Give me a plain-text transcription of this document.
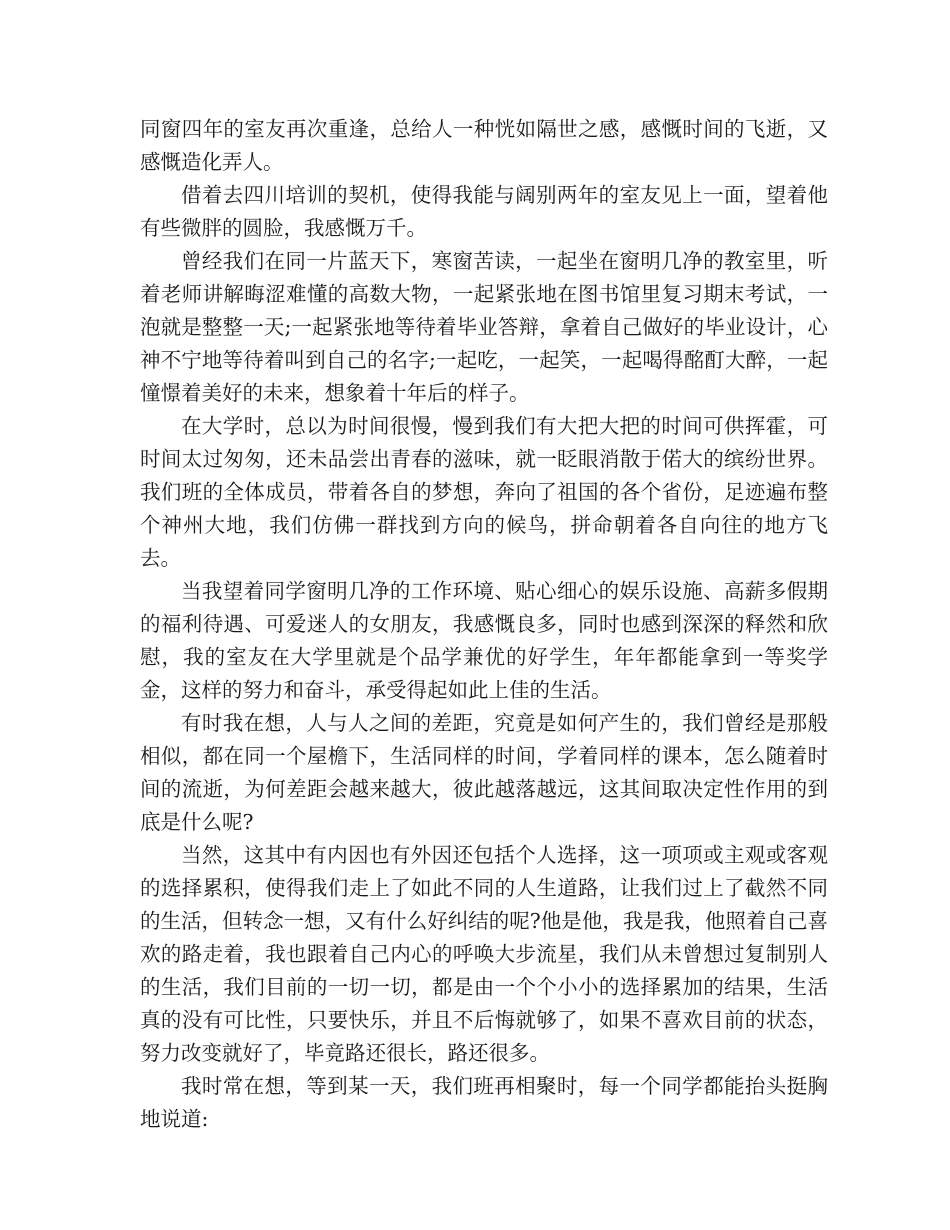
同窗四年的室友再次重逢，总给人一种恍如隔世之感，感慨时间的飞逝，又感慨造化弄人。

借着去四川培训的契机，使得我能与阔别两年的室友见上一面，望着他有些微胖的圆脸，我感慨万千。

曾经我们在同一片蓝天下，寒窗苦读，一起坐在窗明几净的教室里，听着老师讲解晦涩难懂的高数大物，一起紧张地在图书馆里复习期末考试，一泡就是整整一天;一起紧张地等待着毕业答辩，拿着自己做好的毕业设计，心神不宁地等待着叫到自己的名字;一起吃，一起笑，一起喝得酩酊大醉，一起憧憬着美好的未来，想象着十年后的样子。

在大学时，总以为时间很慢，慢到我们有大把大把的时间可供挥霍，可时间太过匆匆，还未品尝出青春的滋味，就一眨眼消散于偌大的缤纷世界。我们班的全体成员，带着各自的梦想，奔向了祖国的各个省份，足迹遍布整个神州大地，我们仿佛一群找到方向的候鸟，拼命朝着各自向往的地方飞去。

当我望着同学窗明几净的工作环境、贴心细心的娱乐设施、高薪多假期的福利待遇、可爱迷人的女朋友，我感慨良多，同时也感到深深的释然和欣慰，我的室友在大学里就是个品学兼优的好学生，年年都能拿到一等奖学金，这样的努力和奋斗，承受得起如此上佳的生活。

有时我在想，人与人之间的差距，究竟是如何产生的，我们曾经是那般相似，都在同一个屋檐下，生活同样的时间，学着同样的课本，怎么随着时间的流逝，为何差距会越来越大，彼此越落越远，这其间取决定性作用的到底是什么呢?

当然，这其中有内因也有外因还包括个人选择，这一项项或主观或客观的选择累积，使得我们走上了如此不同的人生道路，让我们过上了截然不同的生活，但转念一想，又有什么好纠结的呢?他是他，我是我，他照着自己喜欢的路走着，我也跟着自己内心的呼唤大步流星，我们从未曾想过复制别人的生活，我们目前的一切一切，都是由一个个小小的选择累加的结果，生活真的没有可比性，只要快乐，并且不后悔就够了，如果不喜欢目前的状态，努力改变就好了，毕竟路还很长，路还很多。

我时常在想，等到某一天，我们班再相聚时，每一个同学都能抬头挺胸地说道:
